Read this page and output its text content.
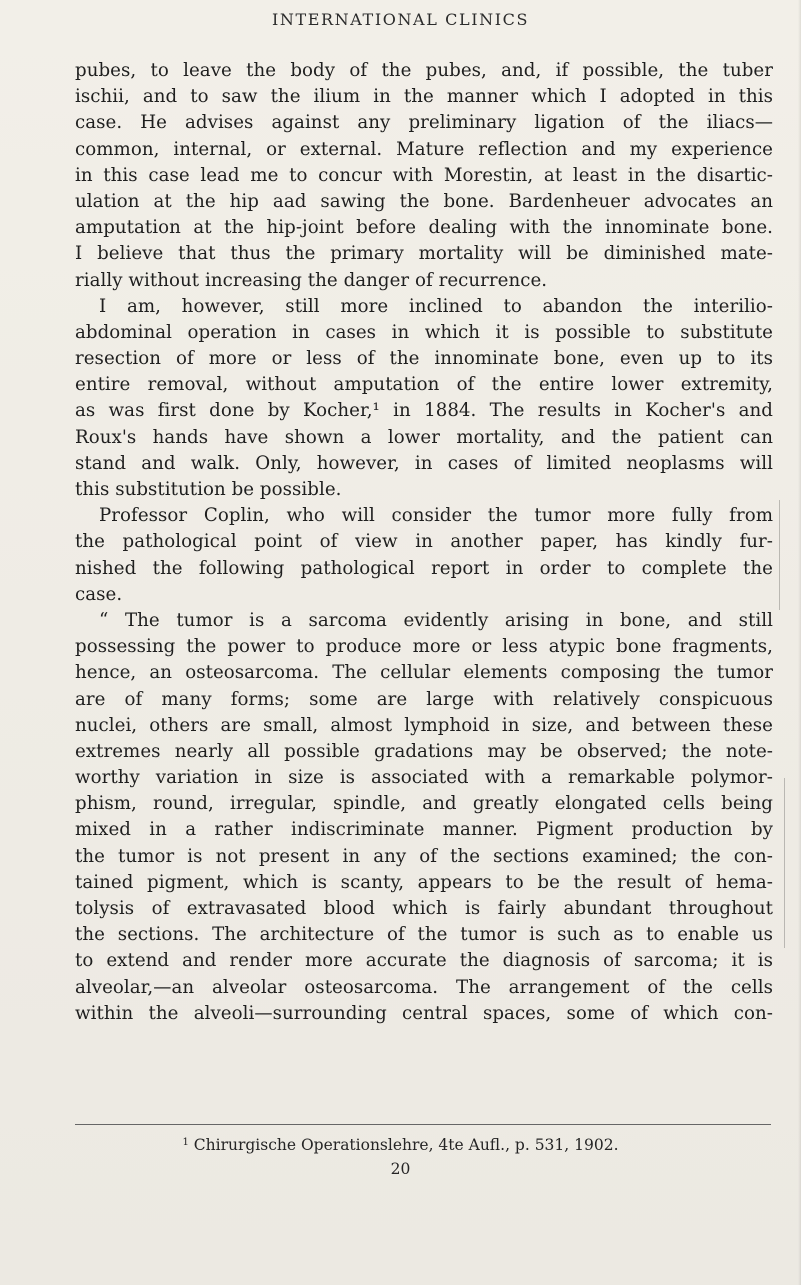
INTERNATIONAL CLINICS
pubes, to leave the body of the pubes, and, if possible, the tuber
ischii, and to saw the ilium in the manner which I adopted in this
case. He advises against any preliminary ligation of the iliacs—
common, internal, or external. Mature reflection and my experience
in this case lead me to concur with Morestin, at least in the disartic-
ulation at the hip aad sawing the bone. Bardenheuer advocates an
amputation at the hip-joint before dealing with the innominate bone.
I believe that thus the primary mortality will be diminished mate-
rially without increasing the danger of recurrence.
I am, however, still more inclined to abandon the interilio-
abdominal operation in cases in which it is possible to substitute
resection of more or less of the innominate bone, even up to its
entire removal, without amputation of the entire lower extremity,
as was first done by Kocher,¹ in 1884. The results in Kocher's and
Roux's hands have shown a lower mortality, and the patient can
stand and walk. Only, however, in cases of limited neoplasms will
this substitution be possible.
Professor Coplin, who will consider the tumor more fully from
the pathological point of view in another paper, has kindly fur-
nished the following pathological report in order to complete the
case.
“ The tumor is a sarcoma evidently arising in bone, and still
possessing the power to produce more or less atypic bone fragments,
hence, an osteosarcoma. The cellular elements composing the tumor
are of many forms; some are large with relatively conspicuous
nuclei, others are small, almost lymphoid in size, and between these
extremes nearly all possible gradations may be observed; the note-
worthy variation in size is associated with a remarkable polymor-
phism, round, irregular, spindle, and greatly elongated cells being
mixed in a rather indiscriminate manner. Pigment production by
the tumor is not present in any of the sections examined; the con-
tained pigment, which is scanty, appears to be the result of hema-
tolysis of extravasated blood which is fairly abundant throughout
the sections. The architecture of the tumor is such as to enable us
to extend and render more accurate the diagnosis of sarcoma; it is
alveolar,—an alveolar osteosarcoma. The arrangement of the cells
within the alveoli—surrounding central spaces, some of which con-
$^1$ Chirurgische Operationslehre, 4te Aufl., p. 531, 1902.
20
